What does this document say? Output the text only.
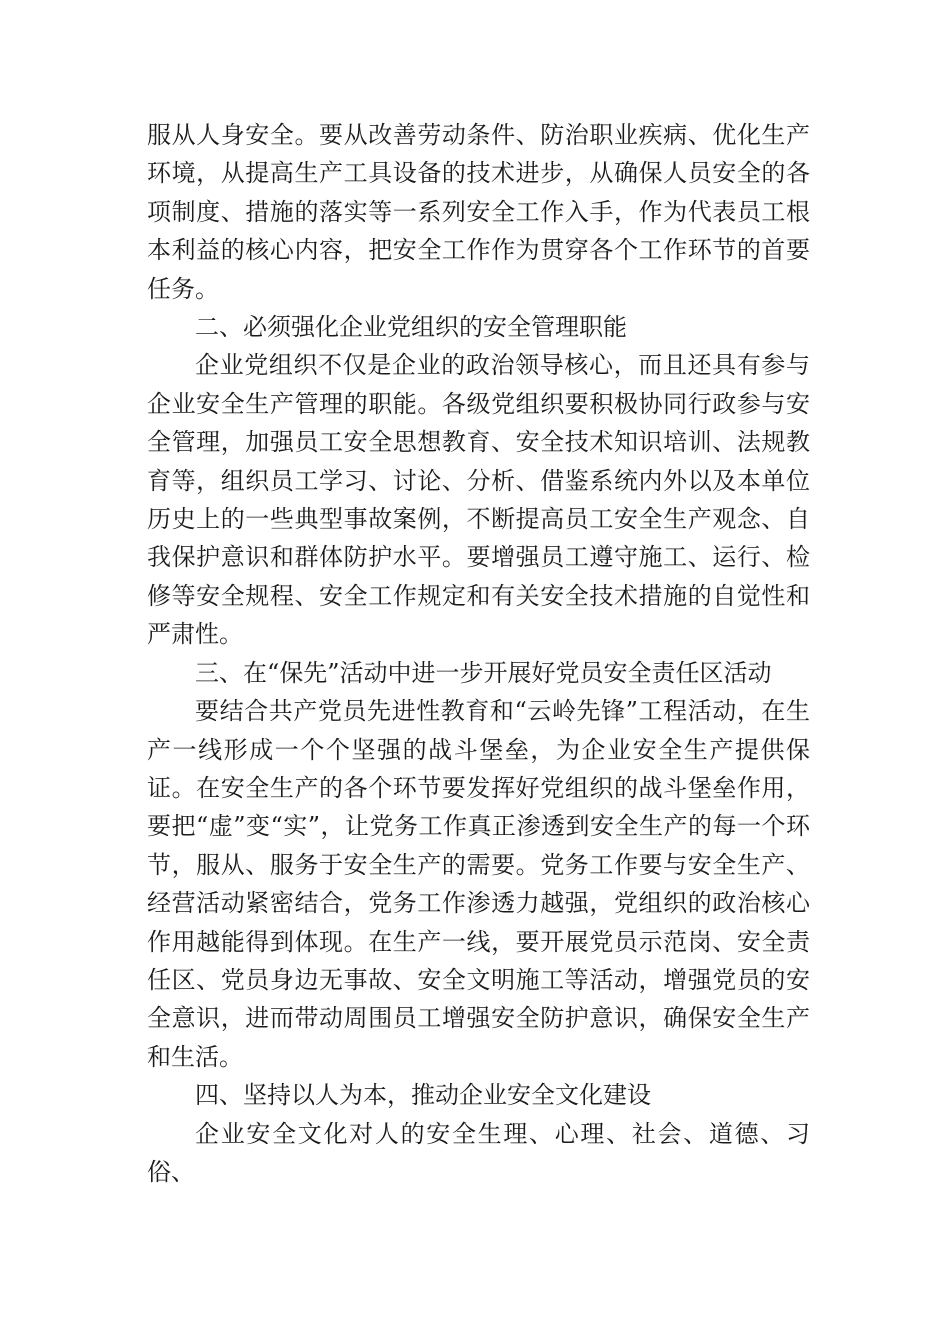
服从人身安全。要从改善劳动条件、防治职业疾病、优化生产环境，从提高生产工具设备的技术进步，从确保人员安全的各项制度、措施的落实等一系列安全工作入手，作为代表员工根本利益的核心内容，把安全工作作为贯穿各个工作环节的首要任务。

二、必须强化企业党组织的安全管理职能

企业党组织不仅是企业的政治领导核心，而且还具有参与企业安全生产管理的职能。各级党组织要积极协同行政参与安全管理，加强员工安全思想教育、安全技术知识培训、法规教育等，组织员工学习、讨论、分析、借鉴系统内外以及本单位历史上的一些典型事故案例，不断提高员工安全生产观念、自我保护意识和群体防护水平。要增强员工遵守施工、运行、检修等安全规程、安全工作规定和有关安全技术措施的自觉性和严肃性。

三、在“保先”活动中进一步开展好党员安全责任区活动

要结合共产党员先进性教育和“云岭先锋”工程活动，在生产一线形成一个个坚强的战斗堡垒，为企业安全生产提供保证。在安全生产的各个环节要发挥好党组织的战斗堡垒作用，要把“虚”变“实”，让党务工作真正渗透到安全生产的每一个环节，服从、服务于安全生产的需要。党务工作要与安全生产、经营活动紧密结合，党务工作渗透力越强，党组织的政治核心作用越能得到体现。在生产一线，要开展党员示范岗、安全责任区、党员身边无事故、安全文明施工等活动，增强党员的安全意识，进而带动周围员工增强安全防护意识，确保安全生产和生活。

四、坚持以人为本，推动企业安全文化建设

企业安全文化对人的安全生理、心理、社会、道德、习俗、
